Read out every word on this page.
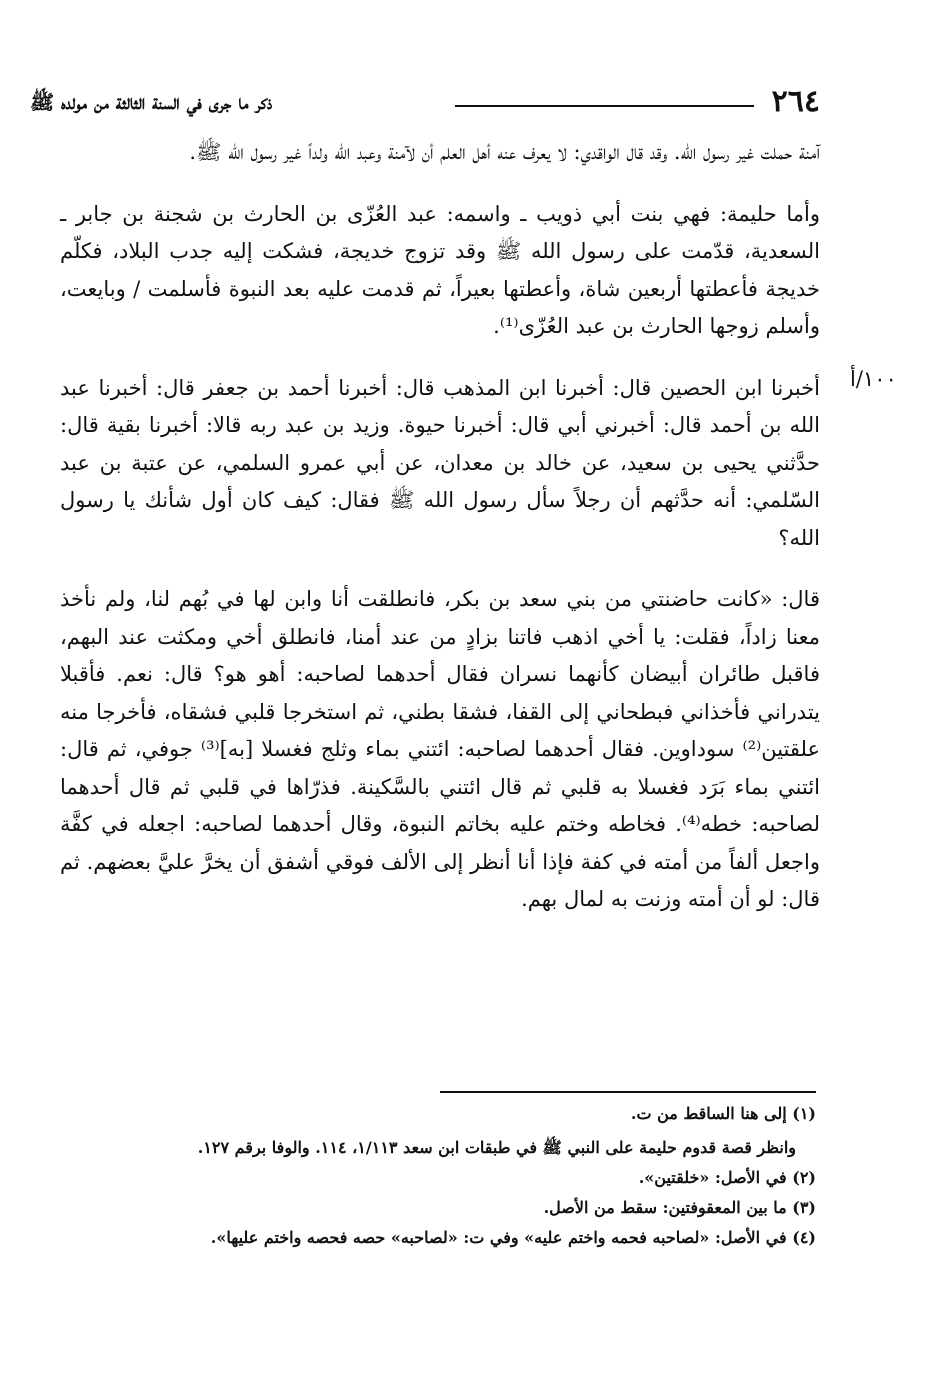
٢٦٤
ذكر ما جرى في السنة الثالثة من مولده ﷺ
١٠٠/أ

آمنة حملت غير رسول الله. وقد قال الواقدي: لا يعرف عنه أهل العلم أن لآمنة وعبد الله ولداً غير رسول الله ﷺ.

وأما حليمة: فهي بنت أبي ذويب ـ واسمه: عبد العُزّى بن الحارث بن شجنة بن جابر ـ السعدية، قدّمت على رسول الله ﷺ وقد تزوج خديجة، فشكت إليه جدب البلاد، فكلّم خديجة فأعطتها أربعين شاة، وأعطتها بعيراً، ثم قدمت عليه بعد النبوة فأسلمت / وبايعت، وأسلم زوجها الحارث بن عبد العُزّى⁽¹⁾.

أخبرنا ابن الحصين قال: أخبرنا ابن المذهب قال: أخبرنا أحمد بن جعفر قال: أخبرنا عبد الله بن أحمد قال: أخبرني أبي قال: أخبرنا حيوة. وزيد بن عبد ربه قالا: أخبرنا بقية قال: حدَّثني يحيى بن سعيد، عن خالد بن معدان، عن أبي عمرو السلمي، عن عتبة بن عبد السّلمي: أنه حدَّثهم أن رجلاً سأل رسول الله ﷺ فقال: كيف كان أول شأنك يا رسول الله؟

قال: «كانت حاضنتي من بني سعد بن بكر، فانطلقت أنا وابن لها في بُهم لنا، ولم نأخذ معنا زاداً، فقلت: يا أخي اذهب فاتنا بزادٍ من عند أمنا، فانطلق أخي ومكثت عند البهم، فاقبل طائران أبيضان كأنهما نسران فقال أحدهما لصاحبه: أهو هو؟ قال: نعم. فأقبلا يتدراني فأخذاني فبطحاني إلى القفا، فشقا بطني، ثم استخرجا قلبي فشقاه، فأخرجا منه علقتين⁽²⁾ سوداوين. فقال أحدهما لصاحبه: ائتني بماء وثلج فغسلا [به]⁽³⁾ جوفي، ثم قال: ائتني بماء بَرَد فغسلا به قلبي ثم قال ائتني بالسَّكينة. فذرّاها في قلبي ثم قال أحدهما لصاحبه: خطه⁽⁴⁾. فخاطه وختم عليه بخاتم النبوة، وقال أحدهما لصاحبه: اجعله في كفَّة واجعل ألفاً من أمته في كفة فإذا أنا أنظر إلى الألف فوقي أشفق أن يخرَّ عليَّ بعضهم. ثم قال: لو أن أمته وزنت به لمال بهم.

(١) إلى هنا الساقط من ت.

وانظر قصة قدوم حليمة على النبي ﷺ في طبقات ابن سعد ١/١١٣، ١١٤. والوفا برقم ١٢٧.

(٢) في الأصل: «خلقتين».

(٣) ما بين المعقوفتين: سقط من الأصل.

(٤) في الأصل: «لصاحبه فحمه واختم عليه» وفي ت: «لصاحبه» حصه فحصه واختم عليها».
